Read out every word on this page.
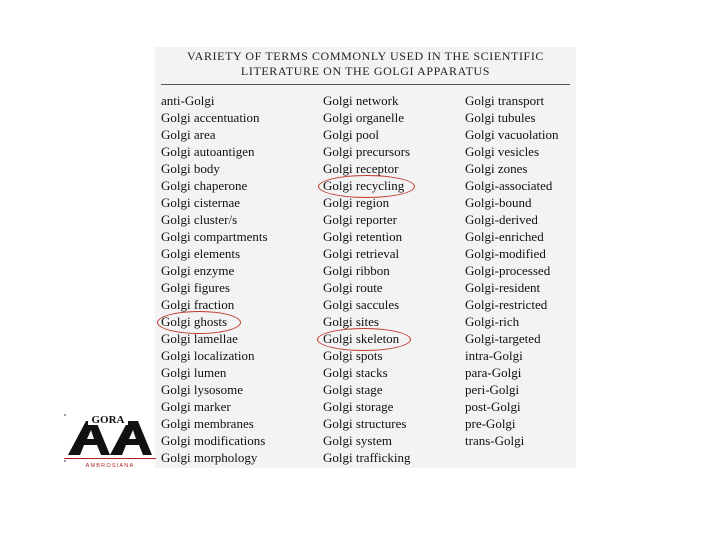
VARIETY OF TERMS COMMONLY USED IN THE SCIENTIFIC
LITERATURE ON THE GOLGI APPARATUS
anti-Golgi
Golgi accentuation
Golgi area
Golgi autoantigen
Golgi body
Golgi chaperone
Golgi cisternae
Golgi cluster/s
Golgi compartments
Golgi elements
Golgi enzyme
Golgi figures
Golgi fraction
Golgi ghosts
Golgi lamellae
Golgi localization
Golgi lumen
Golgi lysosome
Golgi marker
Golgi membranes
Golgi modifications
Golgi morphology
Golgi network
Golgi organelle
Golgi pool
Golgi precursors
Golgi receptor
Golgi recycling
Golgi region
Golgi reporter
Golgi retention
Golgi retrieval
Golgi ribbon
Golgi route
Golgi saccules
Golgi sites
Golgi skeleton
Golgi spots
Golgi stacks
Golgi stage
Golgi storage
Golgi structures
Golgi system
Golgi trafficking
Golgi transport
Golgi tubules
Golgi vacuolation
Golgi vesicles
Golgi zones
Golgi-associated
Golgi-bound
Golgi-derived
Golgi-enriched
Golgi-modified
Golgi-processed
Golgi-resident
Golgi-restricted
Golgi-rich
Golgi-targeted
intra-Golgi
para-Golgi
peri-Golgi
post-Golgi
pre-Golgi
trans-Golgi
GORA
AMBROSIANA
